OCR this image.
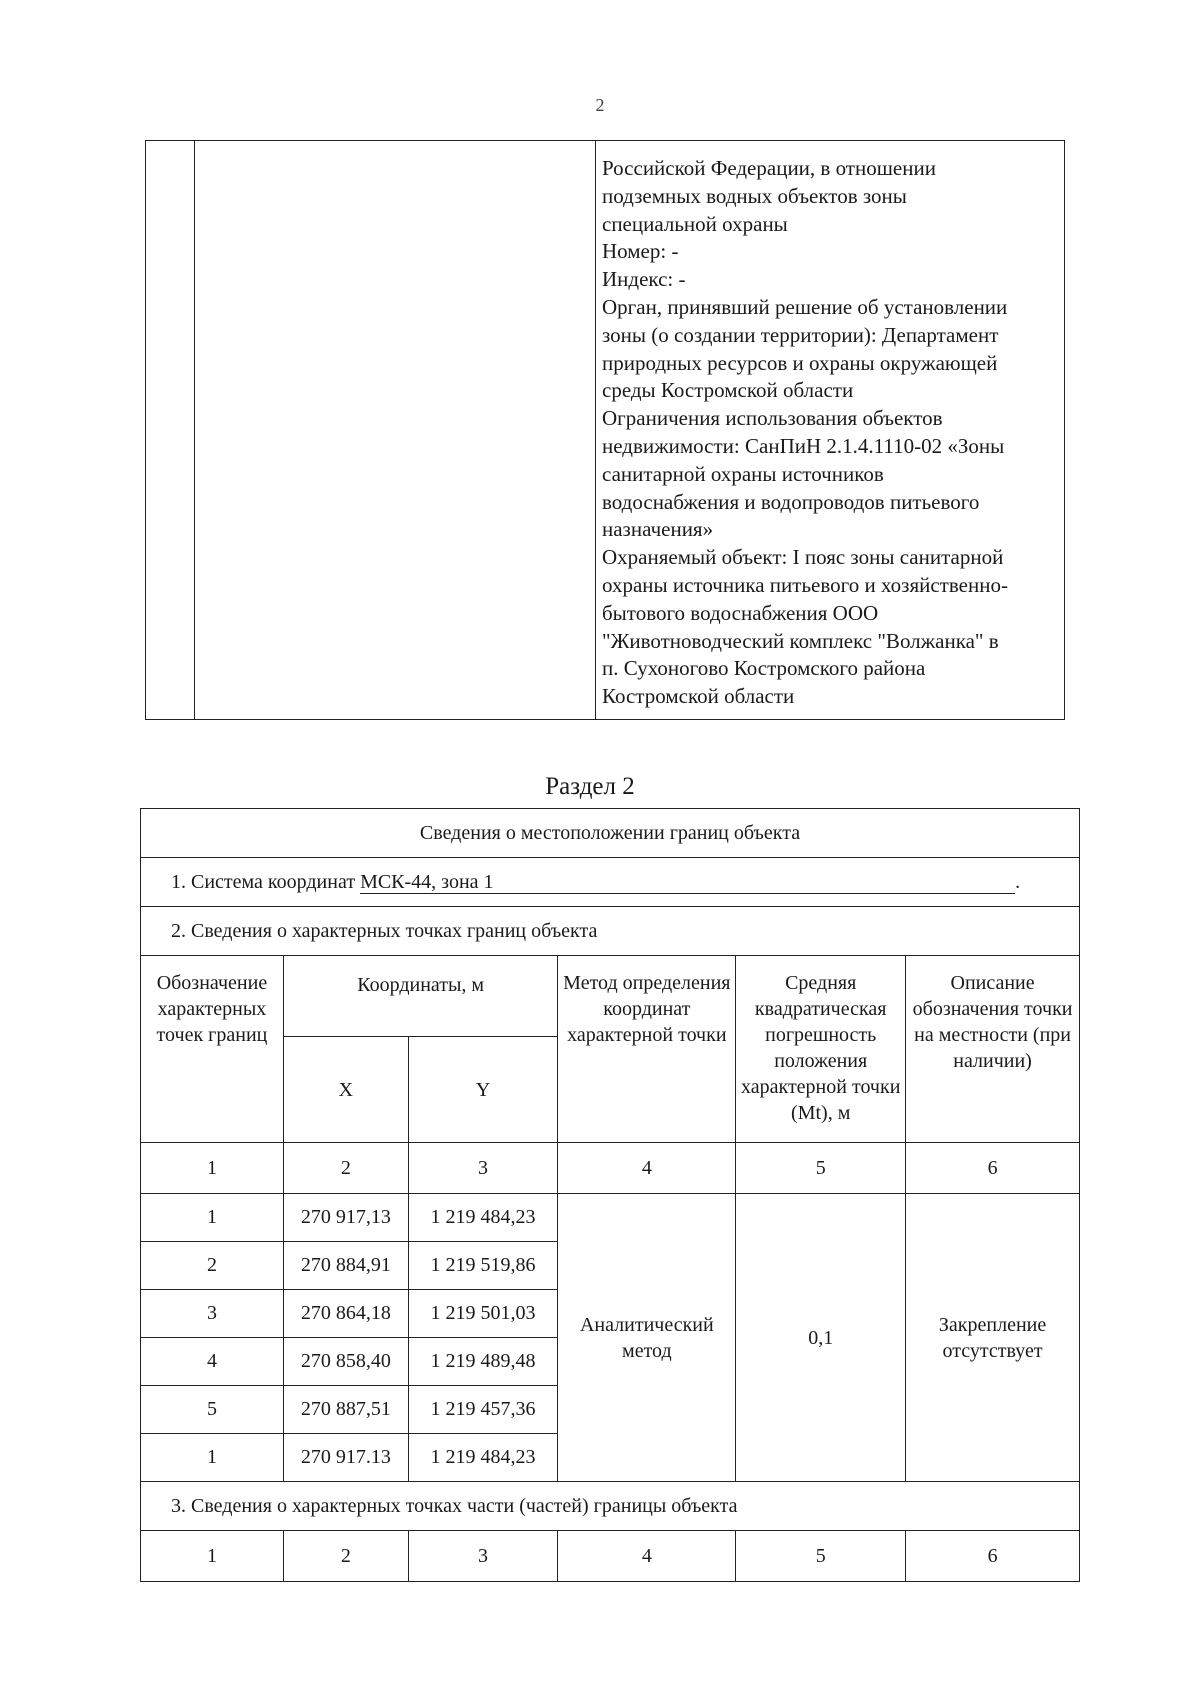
2

Российской Федерации, в отношении
подземных водных объектов зоны
специальной охраны
Номер: -
Индекс: -
Орган, принявший решение об установлении
зоны (о создании территории): Департамент
природных ресурсов и охраны окружающей
среды Костромской области
Ограничения использования объектов
недвижимости: СанПиН 2.1.4.1110-02 «Зоны
санитарной охраны источников
водоснабжения и водопроводов питьевого
назначения»
Охраняемый объект: I пояс зоны санитарной
охраны источника питьевого и хозяйственно-
бытового водоснабжения ООО
"Животноводческий комплекс "Волжанка" в
п. Сухоногово Костромского района
Костромской области
Раздел 2
Сведения о местоположении границ объекта					
1. Система координат МСК-44, зона 1 .					
2. Сведения о характерных точках границ объекта					
Обозначение характерных точек границ	Координаты, м		Метод определения координат характерной точки	Средняя квадратическая погрешность положения характерной точки (Mt), м	Описание обозначения точки на местности (при наличии)
	X	Y			
1	2	3	4	5	6
1	270 917,13	1 219 484,23	Аналитический метод	0,1	Закрепление отсутствует
2	270 884,91	1 219 519,86			
3	270 864,18	1 219 501,03			
4	270 858,40	1 219 489,48			
5	270 887,51	1 219 457,36			
1	270 917.13	1 219 484,23			
3. Сведения о характерных точках части (частей) границы объекта					
1	2	3	4	5	6
